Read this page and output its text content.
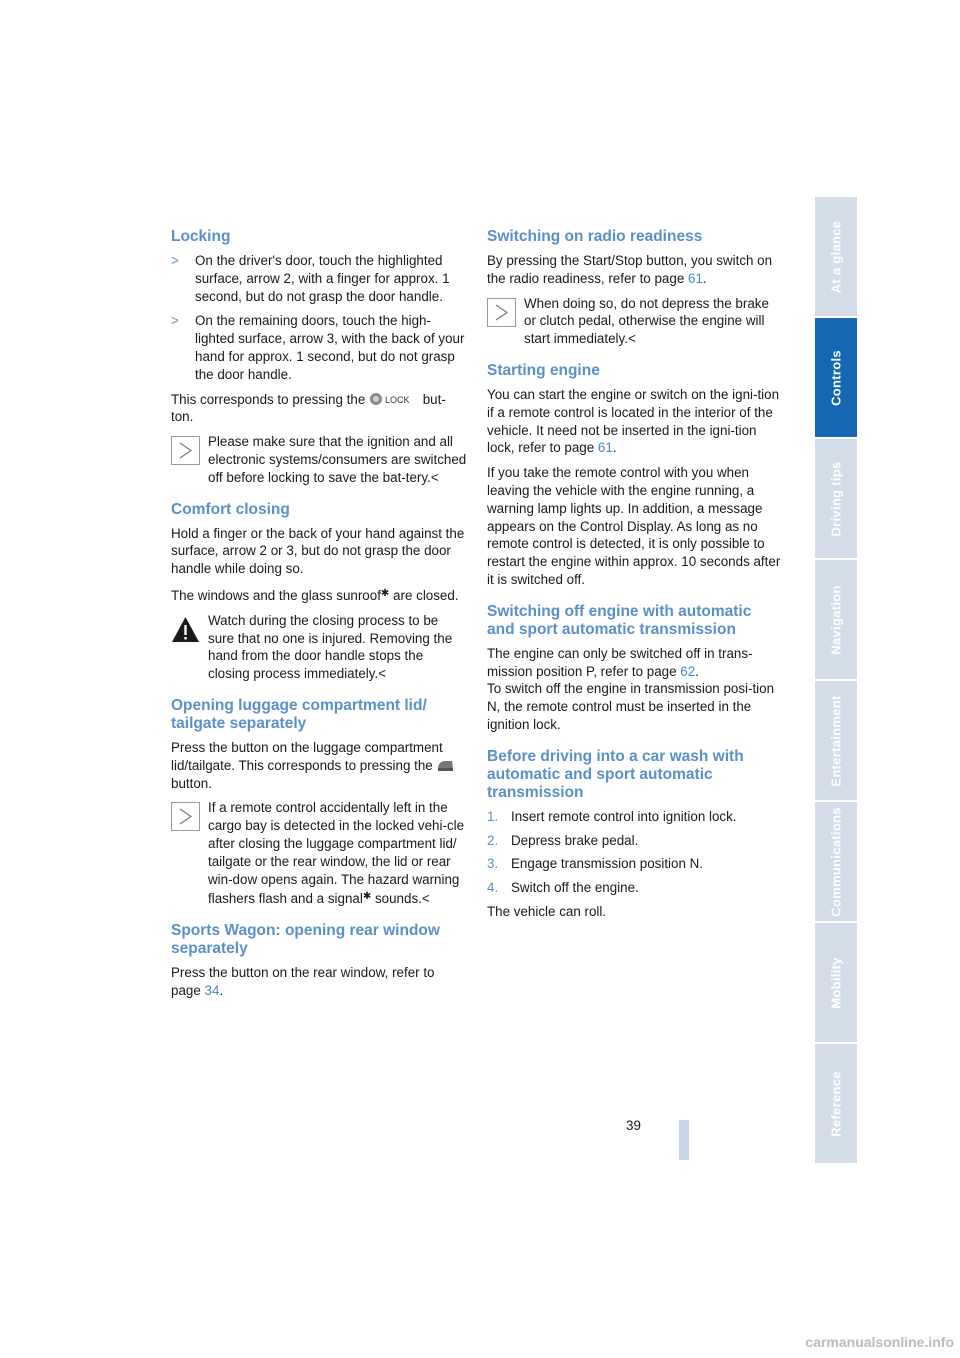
Locking
> On the driver's door, touch the highlighted surface, arrow 2, with a finger for approx. 1 second, but do not grasp the door handle.
> On the remaining doors, touch the high-lighted surface, arrow 3, with the back of your hand for approx. 1 second, but do not grasp the door handle.

This corresponds to pressing the LOCK but-ton.

Please make sure that the ignition and all electronic systems/consumers are switched off before locking to save the bat-tery.<
Comfort closing

Hold a finger or the back of your hand against the surface, arrow 2 or 3, but do not grasp the door handle while doing so.

The windows and the glass sunroof✱ are closed.

Watch during the closing process to be sure that no one is injured. Removing the hand from the door handle stops the closing process immediately.<
Opening luggage compartment lid/ tailgate separately

Press the button on the luggage compartment lid/tailgate. This corresponds to pressing the  button.

If a remote control accidentally left in the cargo bay is detected in the locked vehi-cle after closing the luggage compartment lid/ tailgate or the rear window, the lid or rear win-dow opens again. The hazard warning flashers flash and a signal✱ sounds.<
Sports Wagon: opening rear window separately

Press the button on the rear window, refer to page 34.

Switching on radio readiness

By pressing the Start/Stop button, you switch on the radio readiness, refer to page 61.

When doing so, do not depress the brake or clutch pedal, otherwise the engine will start immediately.<
Starting engine

You can start the engine or switch on the igni-tion if a remote control is located in the interior of the vehicle. It need not be inserted in the igni-tion lock, refer to page 61.

If you take the remote control with you when leaving the vehicle with the engine running, a warning lamp lights up. In addition, a message appears on the Control Display. As long as no remote control is detected, it is only possible to restart the engine within approx. 10 seconds after it is switched off.

Switching off engine with automatic and sport automatic transmission

The engine can only be switched off in trans-mission position P, refer to page 62.
To switch off the engine in transmission posi-tion N, the remote control must be inserted in the ignition lock.

Before driving into a car wash with automatic and sport automatic transmission
1. Insert remote control into ignition lock.
2. Depress brake pedal.
3. Engage transmission position N.
4. Switch off the engine.

The vehicle can roll.

At a glance
Controls
Driving tips
Navigation
Entertainment
Communications
Mobility
Reference
39
carmanualsonline.info
